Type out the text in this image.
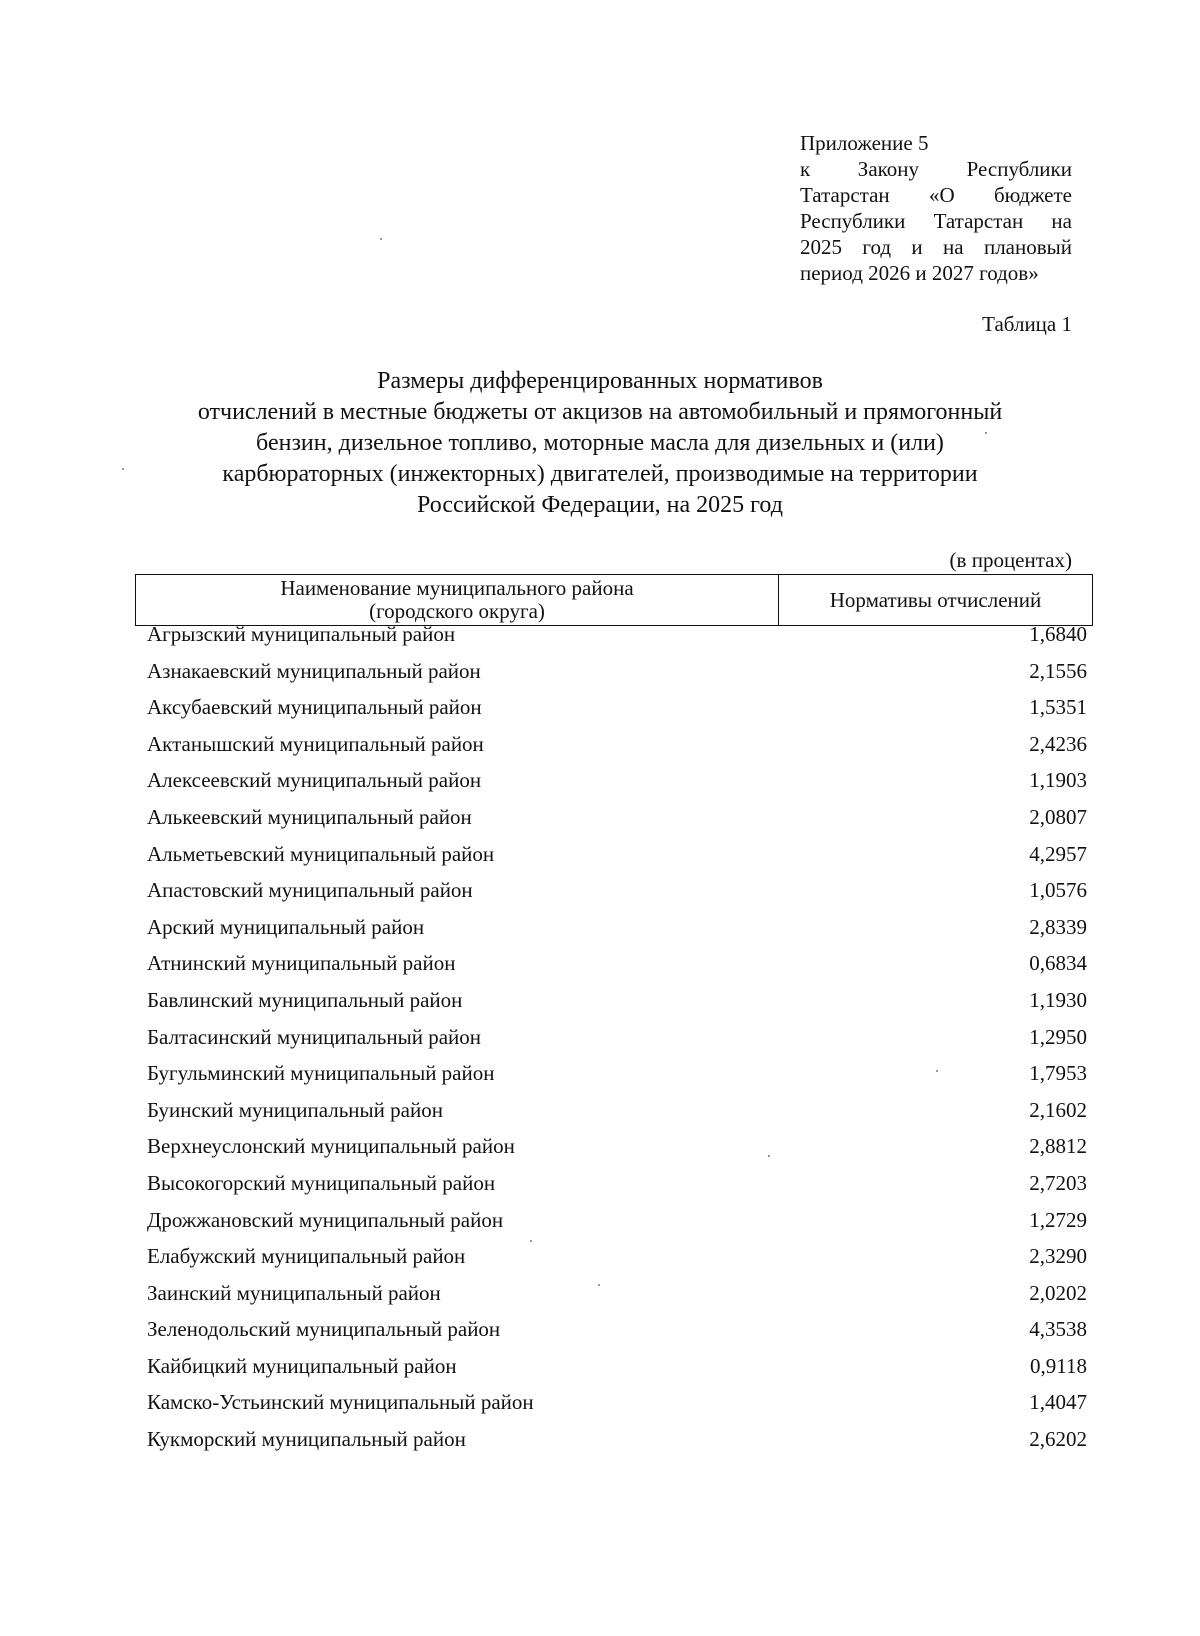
Приложение 5
к Закону Республики
Татарстан «О бюджете
Республики Татарстан на
2025 год и на плановый
период 2026 и 2027 годов»
Таблица 1
Размеры дифференцированных нормативов
отчислений в местные бюджеты от акцизов на автомобильный и прямогонный
бензин, дизельное топливо, моторные масла для дизельных и (или)
карбюраторных (инжекторных) двигателей, производимые на территории
Российской Федерации, на 2025 год
(в процентах)
Наименование муниципального района
(городского округа)	Нормативы отчислений
Агрызский муниципальный район	1,6840
Азнакаевский муниципальный район	2,1556
Аксубаевский муниципальный район	1,5351
Актанышский муниципальный район	2,4236
Алексеевский муниципальный район	1,1903
Алькеевский муниципальный район	2,0807
Альметьевский муниципальный район	4,2957
Апастовский муниципальный район	1,0576
Арский муниципальный район	2,8339
Атнинский муниципальный район	0,6834
Бавлинский муниципальный район	1,1930
Балтасинский муниципальный район	1,2950
Бугульминский муниципальный район	1,7953
Буинский муниципальный район	2,1602
Верхнеуслонский муниципальный район	2,8812
Высокогорский муниципальный район	2,7203
Дрожжановский муниципальный район	1,2729
Елабужский муниципальный район	2,3290
Заинский муниципальный район	2,0202
Зеленодольский муниципальный район	4,3538
Кайбицкий муниципальный район	0,9118
Камско-Устьинский муниципальный район	1,4047
Кукморский муниципальный район	2,6202
